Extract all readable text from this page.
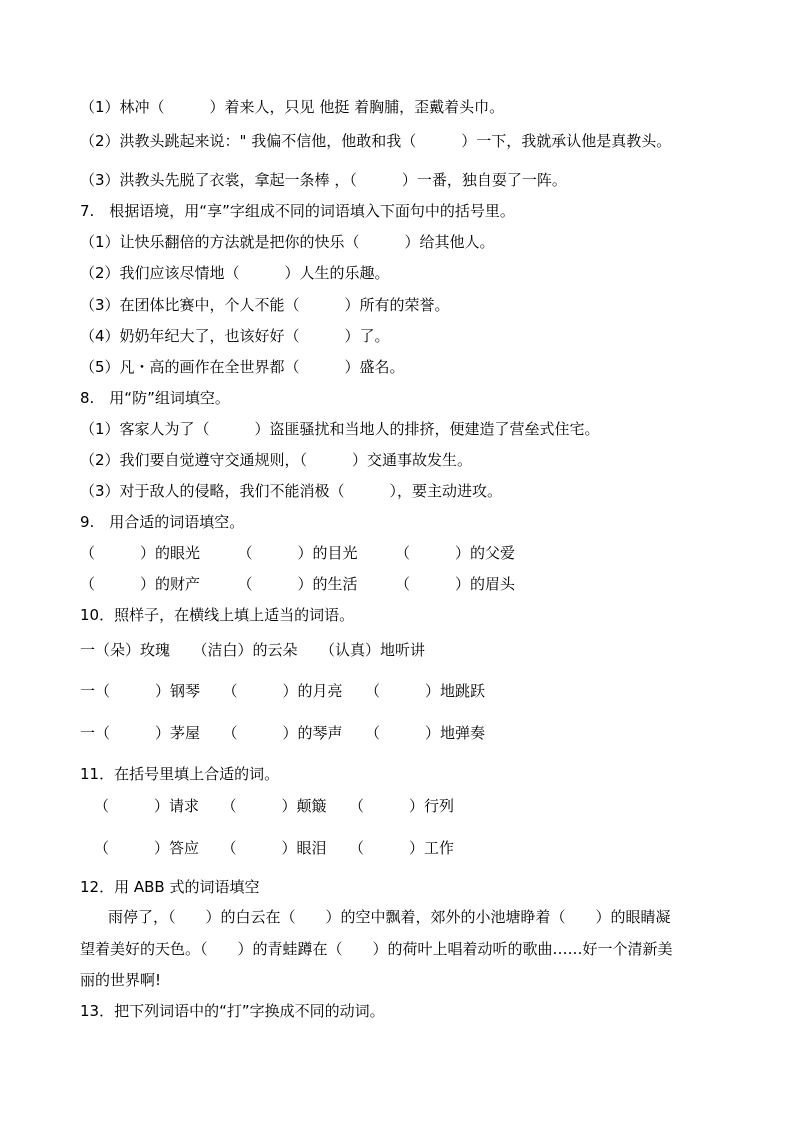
（1）林冲（　　　）着来人，只见 他挺 着胸脯，歪戴着头巾。
（2）洪教头跳起来说：" 我偏不信他，他敢和我（　　　）一下，我就承认他是真教头。
（3）洪教头先脱了衣裳，拿起一条棒 ，（　　　）一番，独自耍了一阵。
7.　根据语境，用“享”字组成不同的词语填入下面句中的括号里。
（1）让快乐翻倍的方法就是把你的快乐（　　　）给其他人。
（2）我们应该尽情地（　　　）人生的乐趣。
（3）在团体比赛中，个人不能（　　　）所有的荣誉。
（4）奶奶年纪大了，也该好好（　　　）了。
（5）凡・高的画作在全世界都（　　　）盛名。
8.　用“防”组词填空。
（1）客家人为了（　　　）盗匪骚扰和当地人的排挤，便建造了营垒式住宅。
（2）我们要自觉遵守交通规则，（　　　）交通事故发生。
（3）对于敌人的侵略，我们不能消极（　　　），要主动进攻。
9.　用合适的词语填空。
（　　　）的眼光　　　（　　　）的目光　　　（　　　）的父爱
（　　　）的财产　　　（　　　）的生活　　　（　　　）的眉头
10．照样子，在横线上填上适当的词语。
一（朵）玫瑰　　（洁白）的云朵　　（认真）地听讲
一（　　　）钢琴　　（　　　）的月亮　　（　　　）地跳跃
一（　　　）茅屋　　（　　　）的琴声　　（　　　）地弹奏
11．在括号里填上合适的词。
（　　　）请求　　（　　　）颠簸　　（　　　）行列
（　　　）答应　　（　　　）眼泪　　（　　　）工作
12．用 ABB 式的词语填空
雨停了，（　　）的白云在（　　）的空中飘着，郊外的小池塘睁着（　　）的眼睛凝
望着美好的天色。（　　）的青蛙蹲在（　　）的荷叶上唱着动听的歌曲……好一个清新美
丽的世界啊!
13．把下列词语中的“打”字换成不同的动词。
